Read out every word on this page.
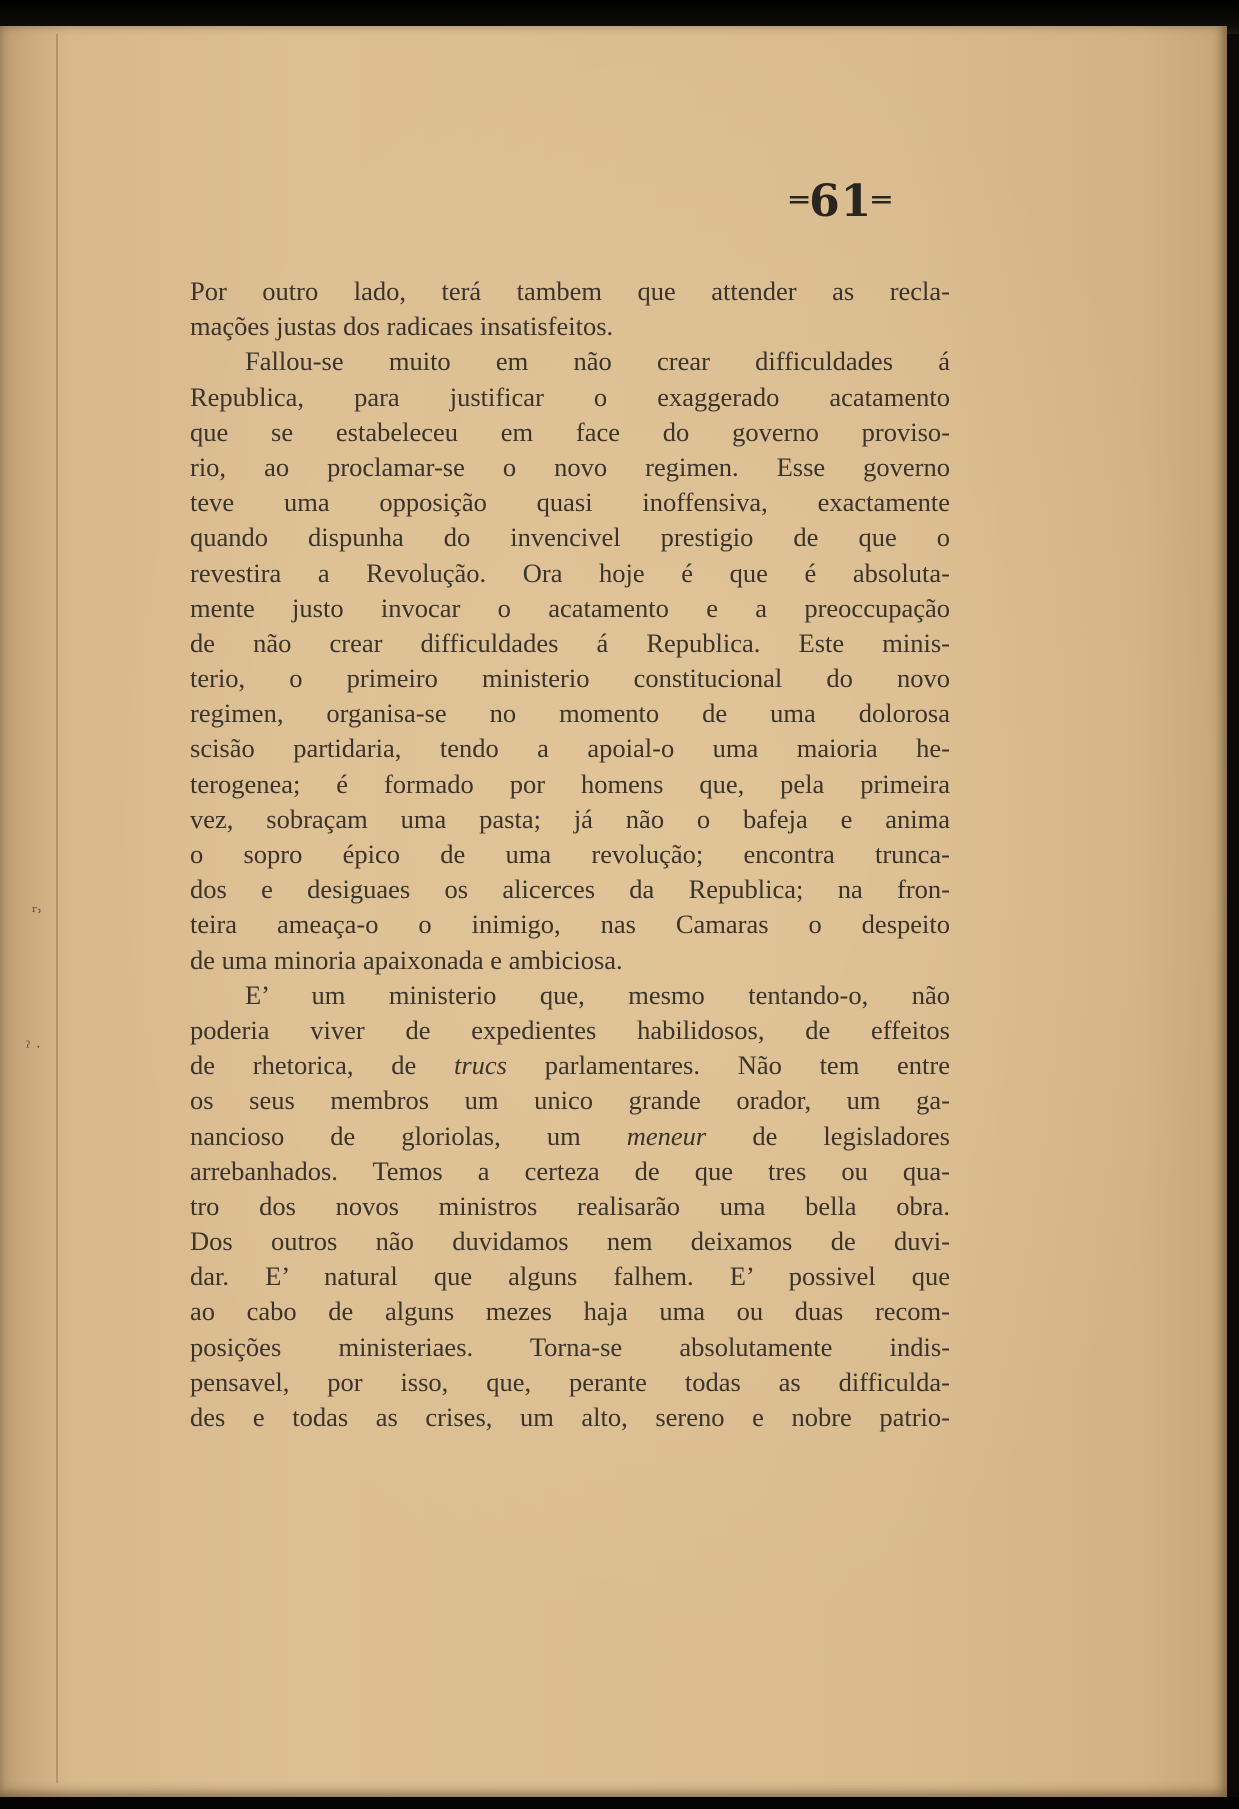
═61═
ʳ˒
ˀ ˑ
Por outro lado, terá tambem que attender as recla-
mações justas dos radicaes insatisfeitos.
Fallou-se muito em não crear difficuldades á
Republica, para justificar o exaggerado acatamento
que se estabeleceu em face do governo proviso-
rio, ao proclamar-se o novo regimen. Esse governo
teve uma opposição quasi inoffensiva, exactamente
quando dispunha do invencivel prestigio de que o
revestira a Revolução. Ora hoje é que é absoluta-
mente justo invocar o acatamento e a preoccupação
de não crear difficuldades á Republica. Este minis-
terio, o primeiro ministerio constitucional do novo
regimen, organisa-se no momento de uma dolorosa
scisão partidaria, tendo a apoial-o uma maioria he-
terogenea; é formado por homens que, pela primeira
vez, sobraçam uma pasta; já não o bafeja e anima
o sopro épico de uma revolução; encontra trunca-
dos e desiguaes os alicerces da Republica; na fron-
teira ameaça-o o inimigo, nas Camaras o despeito
de uma minoria apaixonada e ambiciosa.
E’ um ministerio que, mesmo tentando-o, não
poderia viver de expedientes habilidosos, de effeitos
de rhetorica, de trucs parlamentares. Não tem entre
os seus membros um unico grande orador, um ga-
nancioso de gloriolas, um meneur de legisladores
arrebanhados. Temos a certeza de que tres ou qua-
tro dos novos ministros realisarão uma bella obra.
Dos outros não duvidamos nem deixamos de duvi-
dar. E’ natural que alguns falhem. E’ possivel que
ao cabo de alguns mezes haja uma ou duas recom-
posições ministeriaes. Torna-se absolutamente indis-
pensavel, por isso, que, perante todas as difficulda-
des e todas as crises, um alto, sereno e nobre patrio-
